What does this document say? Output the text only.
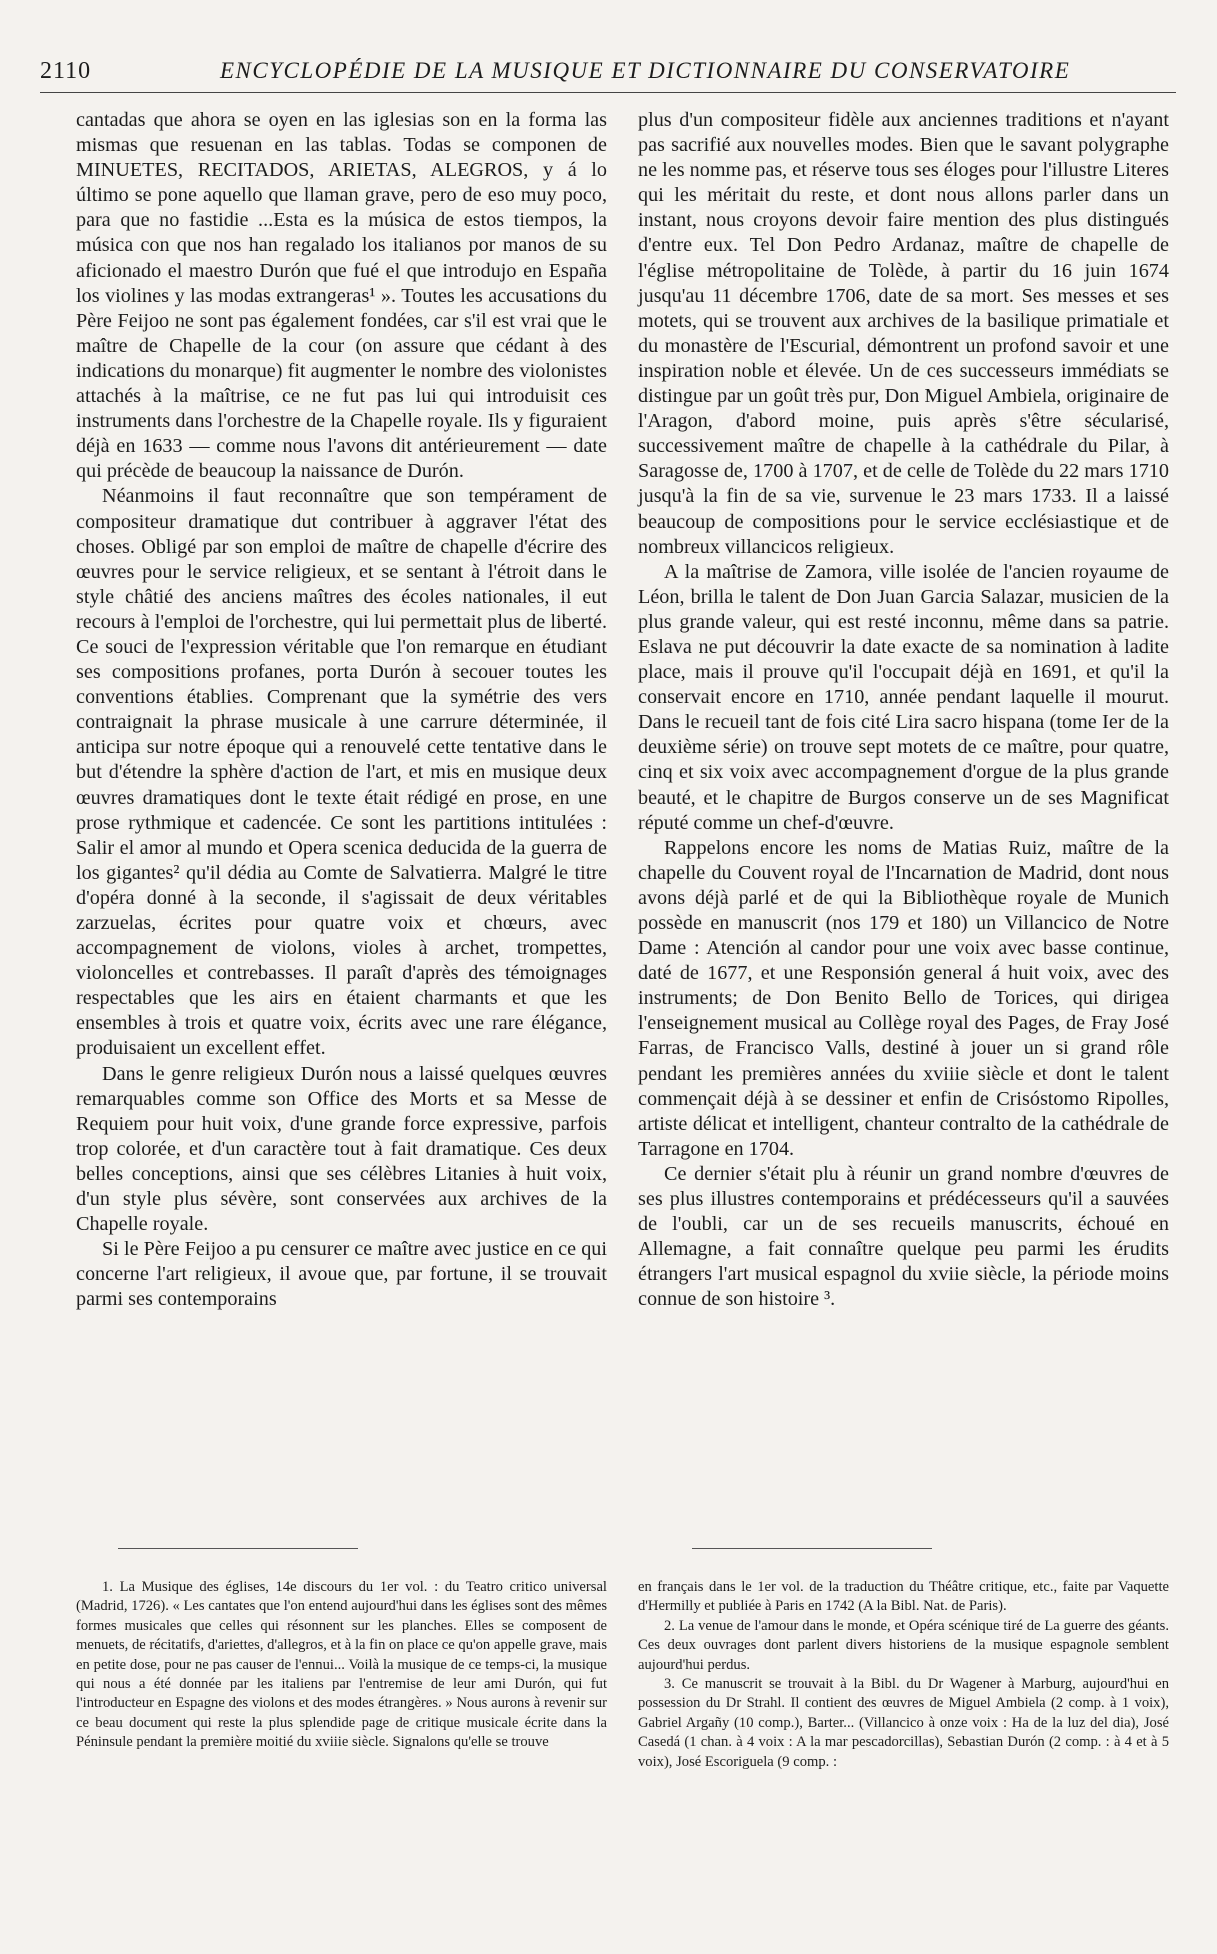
2110	ENCYCLOPÉDIE DE LA MUSIQUE ET DICTIONNAIRE DU CONSERVATOIRE

cantadas que ahora se oyen en las iglesias son en la forma las mismas que resuenan en las tablas. Todas se componen de MINUETES, RECITADOS, ARIETAS, ALEGROS, y á lo último se pone aquello que llaman grave, pero de eso muy poco, para que no fastidie ...Esta es la música de estos tiempos, la música con que nos han regalado los italianos por manos de su aficionado el maestro Durón que fué el que introdujo en España los violines y las modas extrangeras¹ ». Toutes les accusations du Père Feijoo ne sont pas également fondées, car s'il est vrai que le maître de Chapelle de la cour (on assure que cédant à des indications du monarque) fit augmenter le nombre des violonistes attachés à la maîtrise, ce ne fut pas lui qui introduisit ces instruments dans l'orchestre de la Chapelle royale. Ils y figuraient déjà en 1633 — comme nous l'avons dit antérieurement — date qui précède de beaucoup la naissance de Durón.

Néanmoins il faut reconnaître que son tempérament de compositeur dramatique dut contribuer à aggraver l'état des choses. Obligé par son emploi de maître de chapelle d'écrire des œuvres pour le service religieux, et se sentant à l'étroit dans le style châtié des anciens maîtres des écoles nationales, il eut recours à l'emploi de l'orchestre, qui lui permettait plus de liberté. Ce souci de l'expression véritable que l'on remarque en étudiant ses compositions profanes, porta Durón à secouer toutes les conventions établies. Comprenant que la symétrie des vers contraignait la phrase musicale à une carrure déterminée, il anticipa sur notre époque qui a renouvelé cette tentative dans le but d'étendre la sphère d'action de l'art, et mis en musique deux œuvres dramatiques dont le texte était rédigé en prose, en une prose rythmique et cadencée. Ce sont les partitions intitulées : Salir el amor al mundo et Opera scenica deducida de la guerra de los gigantes² qu'il dédia au Comte de Salvatierra. Malgré le titre d'opéra donné à la seconde, il s'agissait de deux véritables zarzuelas, écrites pour quatre voix et chœurs, avec accompagnement de violons, violes à archet, trompettes, violoncelles et contrebasses. Il paraît d'après des témoignages respectables que les airs en étaient charmants et que les ensembles à trois et quatre voix, écrits avec une rare élégance, produisaient un excellent effet.

Dans le genre religieux Durón nous a laissé quelques œuvres remarquables comme son Office des Morts et sa Messe de Requiem pour huit voix, d'une grande force expressive, parfois trop colorée, et d'un caractère tout à fait dramatique. Ces deux belles conceptions, ainsi que ses célèbres Litanies à huit voix, d'un style plus sévère, sont conservées aux archives de la Chapelle royale.

Si le Père Feijoo a pu censurer ce maître avec justice en ce qui concerne l'art religieux, il avoue que, par fortune, il se trouvait parmi ses contemporains

plus d'un compositeur fidèle aux anciennes traditions et n'ayant pas sacrifié aux nouvelles modes. Bien que le savant polygraphe ne les nomme pas, et réserve tous ses éloges pour l'illustre Literes qui les méritait du reste, et dont nous allons parler dans un instant, nous croyons devoir faire mention des plus distingués d'entre eux. Tel Don Pedro Ardanaz, maître de chapelle de l'église métropolitaine de Tolède, à partir du 16 juin 1674 jusqu'au 11 décembre 1706, date de sa mort. Ses messes et ses motets, qui se trouvent aux archives de la basilique primatiale et du monastère de l'Escurial, démontrent un profond savoir et une inspiration noble et élevée. Un de ces successeurs immédiats se distingue par un goût très pur, Don Miguel Ambiela, originaire de l'Aragon, d'abord moine, puis après s'être sécularisé, successivement maître de chapelle à la cathédrale du Pilar, à Saragosse de, 1700 à 1707, et de celle de Tolède du 22 mars 1710 jusqu'à la fin de sa vie, survenue le 23 mars 1733. Il a laissé beaucoup de compositions pour le service ecclésiastique et de nombreux villancicos religieux.

A la maîtrise de Zamora, ville isolée de l'ancien royaume de Léon, brilla le talent de Don Juan Garcia Salazar, musicien de la plus grande valeur, qui est resté inconnu, même dans sa patrie. Eslava ne put découvrir la date exacte de sa nomination à ladite place, mais il prouve qu'il l'occupait déjà en 1691, et qu'il la conservait encore en 1710, année pendant laquelle il mourut. Dans le recueil tant de fois cité Lira sacro hispana (tome Ier de la deuxième série) on trouve sept motets de ce maître, pour quatre, cinq et six voix avec accompagnement d'orgue de la plus grande beauté, et le chapitre de Burgos conserve un de ses Magnificat réputé comme un chef-d'œuvre.

Rappelons encore les noms de Matias Ruiz, maître de la chapelle du Couvent royal de l'Incarnation de Madrid, dont nous avons déjà parlé et de qui la Bibliothèque royale de Munich possède en manuscrit (nos 179 et 180) un Villancico de Notre Dame : Atención al candor pour une voix avec basse continue, daté de 1677, et une Responsión general á huit voix, avec des instruments; de Don Benito Bello de Torices, qui dirigea l'enseignement musical au Collège royal des Pages, de Fray José Farras, de Francisco Valls, destiné à jouer un si grand rôle pendant les premières années du xviiie siècle et dont le talent commençait déjà à se dessiner et enfin de Crisóstomo Ripolles, artiste délicat et intelligent, chanteur contralto de la cathédrale de Tarragone en 1704.

Ce dernier s'était plu à réunir un grand nombre d'œuvres de ses plus illustres contemporains et prédécesseurs qu'il a sauvées de l'oubli, car un de ses recueils manuscrits, échoué en Allemagne, a fait connaître quelque peu parmi les érudits étrangers l'art musical espagnol du xviie siècle, la période moins connue de son histoire ³.

1. La Musique des églises, 14e discours du 1er vol. : du Teatro critico universal (Madrid, 1726). « Les cantates que l'on entend aujourd'hui dans les églises sont des mêmes formes musicales que celles qui résonnent sur les planches. Elles se composent de menuets, de récitatifs, d'ariettes, d'allegros, et à la fin on place ce qu'on appelle grave, mais en petite dose, pour ne pas causer de l'ennui... Voilà la musique de ce temps-ci, la musique qui nous a été donnée par les italiens par l'entremise de leur ami Durón, qui fut l'introducteur en Espagne des violons et des modes étrangères. » Nous aurons à revenir sur ce beau document qui reste la plus splendide page de critique musicale écrite dans la Péninsule pendant la première moitié du xviiie siècle. Signalons qu'elle se trouve

en français dans le 1er vol. de la traduction du Théâtre critique, etc., faite par Vaquette d'Hermilly et publiée à Paris en 1742 (A la Bibl. Nat. de Paris).

2. La venue de l'amour dans le monde, et Opéra scénique tiré de La guerre des géants. Ces deux ouvrages dont parlent divers historiens de la musique espagnole semblent aujourd'hui perdus.

3. Ce manuscrit se trouvait à la Bibl. du Dr Wagener à Marburg, aujourd'hui en possession du Dr Strahl. Il contient des œuvres de Miguel Ambiela (2 comp. à 1 voix), Gabriel Argañy (10 comp.), Barter... (Villancico à onze voix : Ha de la luz del dia), José Casedá (1 chan. à 4 voix : A la mar pescadorcillas), Sebastian Durón (2 comp. : à 4 et à 5 voix), José Escoriguela (9 comp. :
